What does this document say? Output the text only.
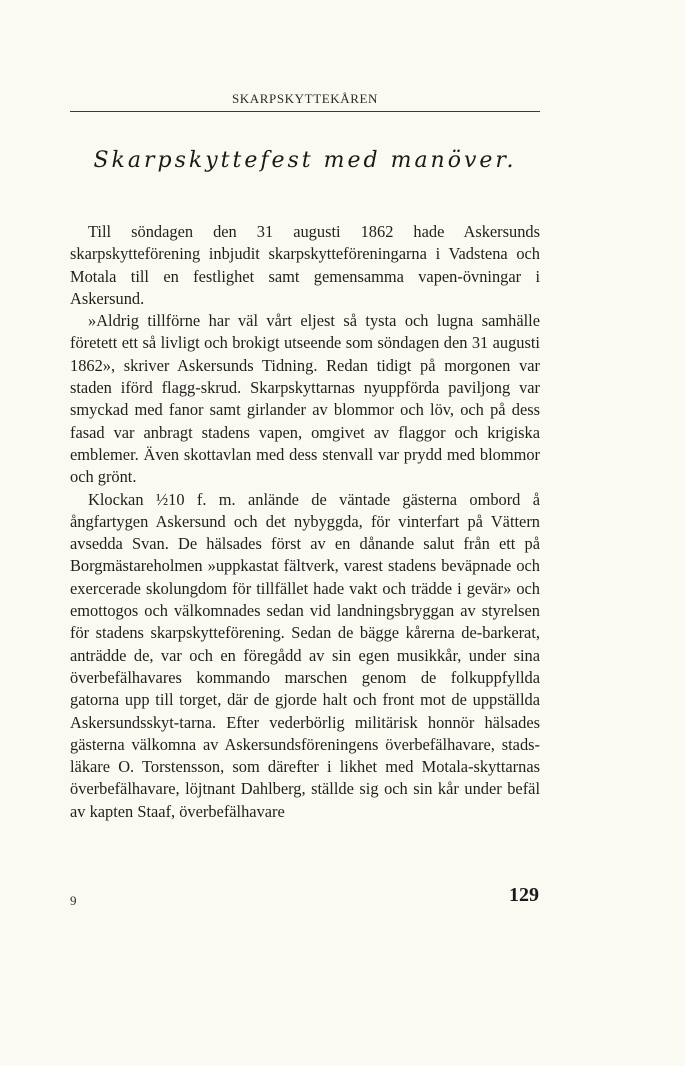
SKARPSKYTTEKÅREN
Skarpskyttefest med manöver.

Till söndagen den 31 augusti 1862 hade Askersunds skarpskytteförening inbjudit skarpskytteföreningarna i Vadstena och Motala till en festlighet samt gemensamma vapen-övningar i Askersund.

»Aldrig tillförne har väl vårt eljest så tysta och lugna samhälle företett ett så livligt och brokigt utseende som söndagen den 31 augusti 1862», skriver Askersunds Tidning. Redan tidigt på morgonen var staden iförd flagg-skrud. Skarpskyttarnas nyuppförda paviljong var smyckad med fanor samt girlander av blommor och löv, och på dess fasad var anbragt stadens vapen, omgivet av flaggor och krigiska emblemer. Även skottavlan med dess stenvall var prydd med blommor och grönt.

Klockan ½10 f. m. anlände de väntade gästerna ombord å ångfartygen Askersund och det nybyggda, för vinterfart på Vättern avsedda Svan. De hälsades först av en dånande salut från ett på Borgmästareholmen »uppkastat fältverk, varest stadens beväpnade och exercerade skolungdom för tillfället hade vakt och trädde i gevär» och emottogos och välkomnades sedan vid landningsbryggan av styrelsen för stadens skarpskytteförening. Sedan de bägge kårerna de-barkerat, anträdde de, var och en föregådd av sin egen musikkår, under sina överbefälhavares kommando marschen genom de folkuppfyllda gatorna upp till torget, där de gjorde halt och front mot de uppställda Askersundsskyt-tarna. Efter vederbörlig militärisk honnör hälsades gästerna välkomna av Askersundsföreningens överbefälhavare, stads-läkare O. Torstensson, som därefter i likhet med Motala-skyttarnas överbefälhavare, löjtnant Dahlberg, ställde sig och sin kår under befäl av kapten Staaf, överbefälhavare

9	129
